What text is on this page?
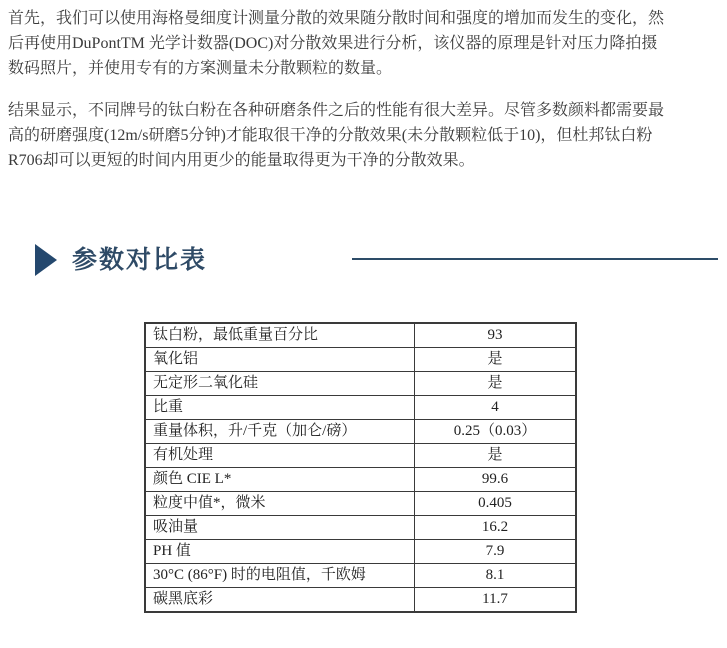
首先，我们可以使用海格曼细度计测量分散的效果随分散时间和强度的增加而发生的变化，然
后再使用DuPontTM 光学计数器(DOC)对分散效果进行分析，该仪器的原理是针对压力降拍摄
数码照片，并使用专有的方案测量未分散颗粒的数量。
结果显示，不同牌号的钛白粉在各种研磨条件之后的性能有很大差异。尽管多数颜料都需要最
高的研磨强度(12m/s研磨5分钟)才能取很干净的分散效果(未分散颗粒低于10)，但杜邦钛白粉
R706却可以更短的时间内用更少的能量取得更为干净的分散效果。
参数对比表
钛白粉，最低重量百分比	93
氧化铝	是
无定形二氧化硅	是
比重	4
重量体积，升/千克（加仑/磅）	0.25（0.03）
有机处理	是
颜色 CIE L*	99.6
粒度中值*，微米	0.405
吸油量	16.2
PH 值	7.9
30°C (86°F) 时的电阻值，千欧姆	8.1
碳黑底彩	11.7
